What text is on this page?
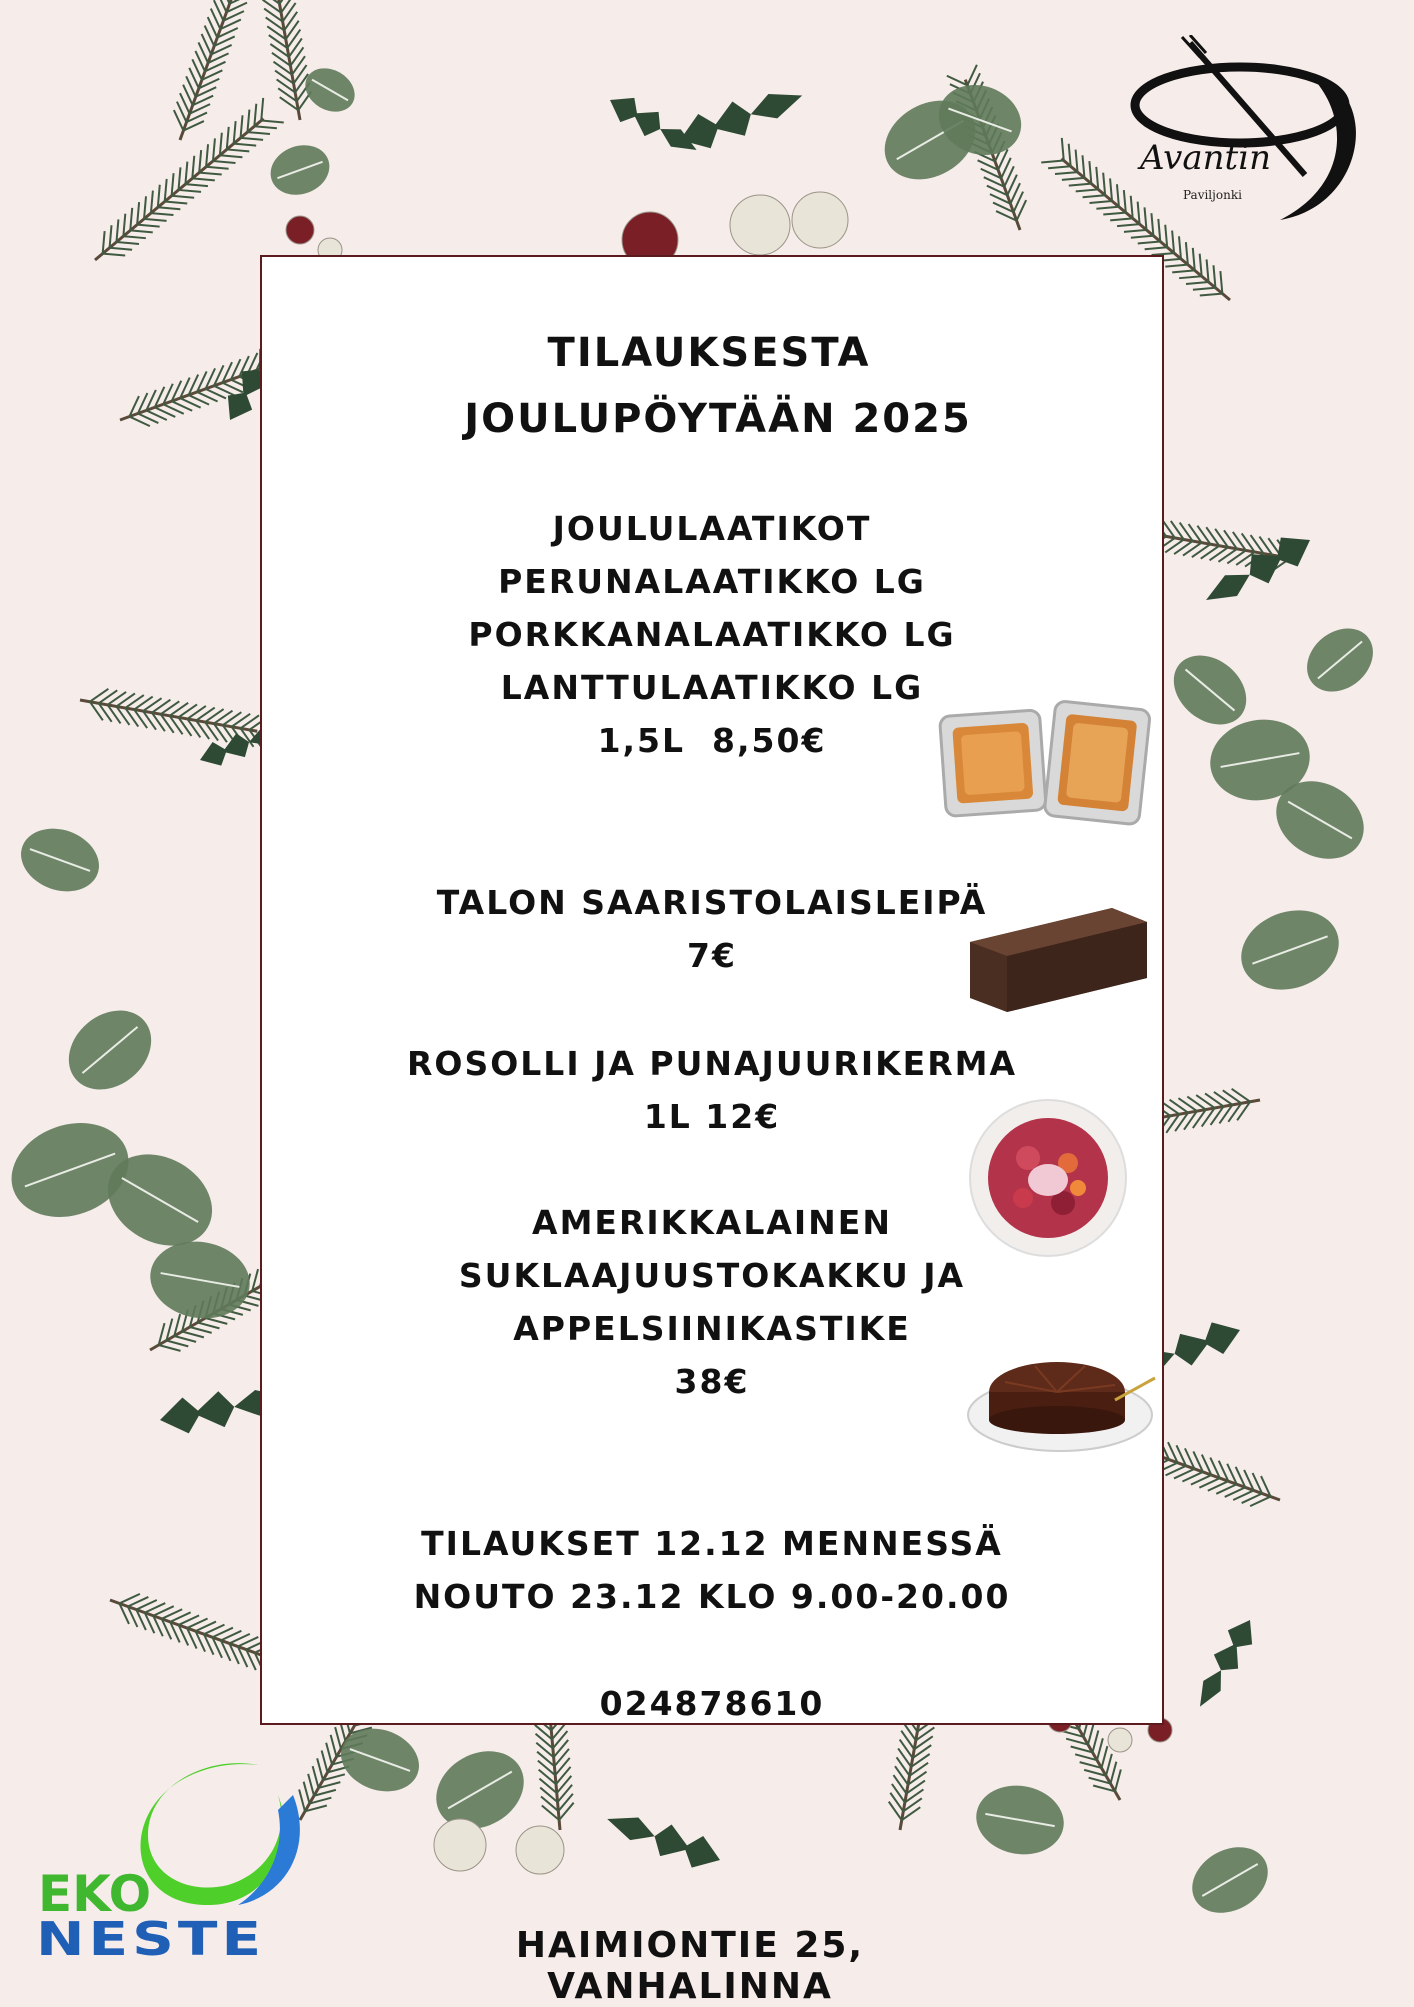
Avantin
Paviljonki
TILAUKSESTA
JOULUPÖYTÄÄN 2025
JOULULAATIKOT
PERUNALAATIKKO LG
PORKKANALAATIKKO LG
LANTTULAATIKKO LG
1,5L  8,50€
TALON SAARISTOLAISLEIPÄ
7€
ROSOLLI JA PUNAJUURIKERMA
1L 12€
AMERIKKALAINEN
SUKLAAJUUSTOKAKKU JA
APPELSIINIKASTIKE
38€
TILAUKSET 12.12 MENNESSÄ
NOUTO 23.12 KLO 9.00-20.00
024878610
EKO
NESTE	HAIMIONTIE 25, VANHALINNA
